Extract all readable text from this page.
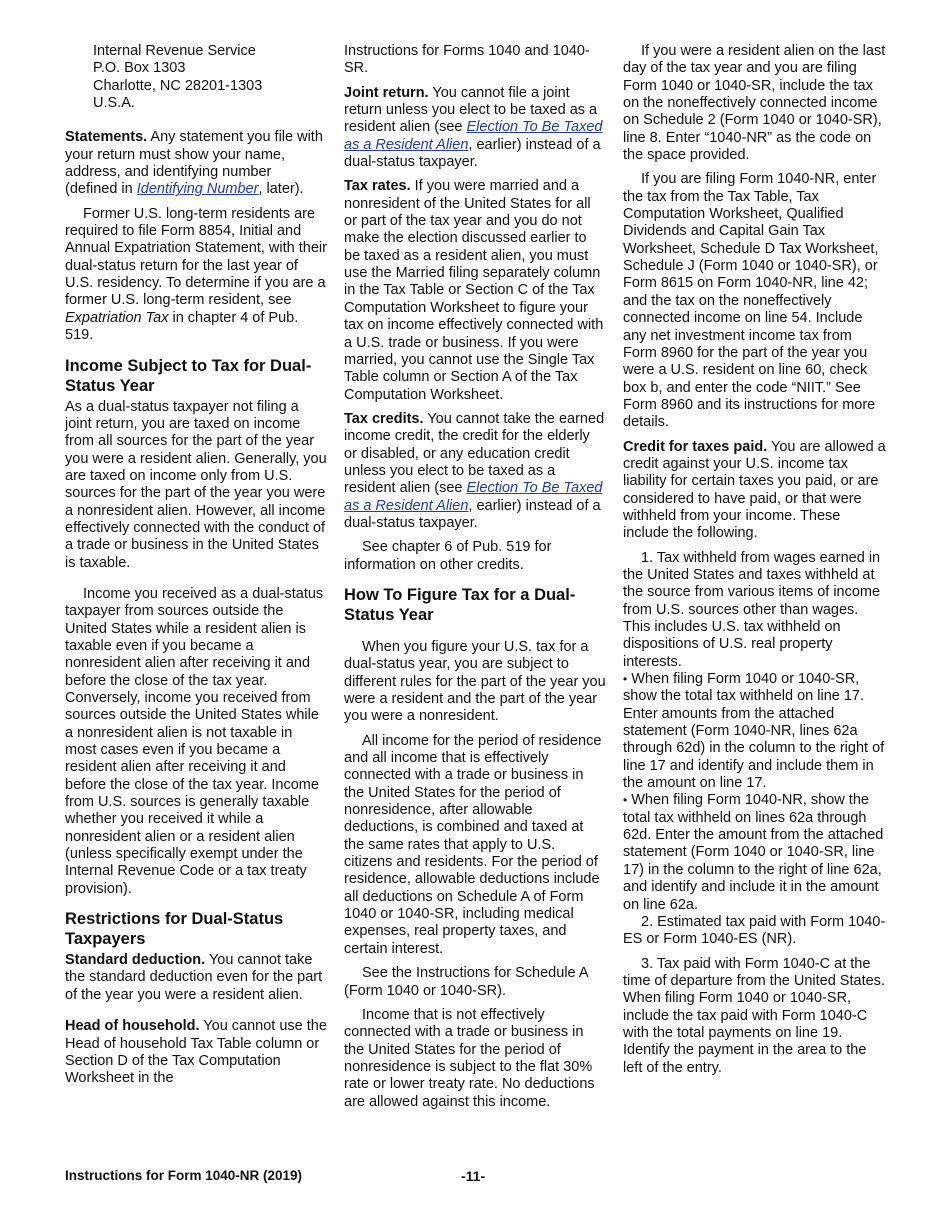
Internal Revenue Service
P.O. Box 1303
Charlotte, NC 28201-1303
U.S.A.

Statements. Any statement you file with your return must show your name, address, and identifying number (defined in Identifying Number, later).

Former U.S. long-term residents are required to file Form 8854, Initial and Annual Expatriation Statement, with their dual-status return for the last year of U.S. residency. To determine if you are a former U.S. long-term resident, see Expatriation Tax in chapter 4 of Pub. 519.

Income Subject to Tax for Dual-Status Year

As a dual-status taxpayer not filing a joint return, you are taxed on income from all sources for the part of the year you were a resident alien. Generally, you are taxed on income only from U.S. sources for the part of the year you were a nonresident alien. However, all income effectively connected with the conduct of a trade or business in the United States is taxable.

Income you received as a dual-status taxpayer from sources outside the United States while a resident alien is taxable even if you became a nonresident alien after receiving it and before the close of the tax year. Conversely, income you received from sources outside the United States while a nonresident alien is not taxable in most cases even if you became a resident alien after receiving it and before the close of the tax year. Income from U.S. sources is generally taxable whether you received it while a nonresident alien or a resident alien (unless specifically exempt under the Internal Revenue Code or a tax treaty provision).

Restrictions for Dual-Status Taxpayers

Standard deduction. You cannot take the standard deduction even for the part of the year you were a resident alien.

Head of household. You cannot use the Head of household Tax Table column or Section D of the Tax Computation Worksheet in the

Instructions for Forms 1040 and 1040-SR.

Joint return. You cannot file a joint return unless you elect to be taxed as a resident alien (see Election To Be Taxed as a Resident Alien, earlier) instead of a dual-status taxpayer.

Tax rates. If you were married and a nonresident of the United States for all or part of the tax year and you do not make the election discussed earlier to be taxed as a resident alien, you must use the Married filing separately column in the Tax Table or Section C of the Tax Computation Worksheet to figure your tax on income effectively connected with a U.S. trade or business. If you were married, you cannot use the Single Tax Table column or Section A of the Tax Computation Worksheet.

Tax credits. You cannot take the earned income credit, the credit for the elderly or disabled, or any education credit unless you elect to be taxed as a resident alien (see Election To Be Taxed as a Resident Alien, earlier) instead of a dual-status taxpayer.

See chapter 6 of Pub. 519 for information on other credits.

How To Figure Tax for a Dual-Status Year

When you figure your U.S. tax for a dual-status year, you are subject to different rules for the part of the year you were a resident and the part of the year you were a nonresident.

All income for the period of residence and all income that is effectively connected with a trade or business in the United States for the period of nonresidence, after allowable deductions, is combined and taxed at the same rates that apply to U.S. citizens and residents. For the period of residence, allowable deductions include all deductions on Schedule A of Form 1040 or 1040-SR, including medical expenses, real property taxes, and certain interest.

See the Instructions for Schedule A (Form 1040 or 1040-SR).

Income that is not effectively connected with a trade or business in the United States for the period of nonresidence is subject to the flat 30% rate or lower treaty rate. No deductions are allowed against this income.

If you were a resident alien on the last day of the tax year and you are filing Form 1040 or 1040-SR, include the tax on the noneffectively connected income on Schedule 2 (Form 1040 or 1040-SR), line 8. Enter “1040-NR” as the code on the space provided.

If you are filing Form 1040-NR, enter the tax from the Tax Table, Tax Computation Worksheet, Qualified Dividends and Capital Gain Tax Worksheet, Schedule D Tax Worksheet, Schedule J (Form 1040 or 1040-SR), or Form 8615 on Form 1040-NR, line 42; and the tax on the noneffectively connected income on line 54. Include any net investment income tax from Form 8960 for the part of the year you were a U.S. resident on line 60, check box b, and enter the code “NIIT.” See Form 8960 and its instructions for more details.

Credit for taxes paid. You are allowed a credit against your U.S. income tax liability for certain taxes you paid, or are considered to have paid, or that were withheld from your income. These include the following.

1. Tax withheld from wages earned in the United States and taxes withheld at the source from various items of income from U.S. sources other than wages. This includes U.S. tax withheld on dispositions of U.S. real property interests.

• When filing Form 1040 or 1040-SR, show the total tax withheld on line 17. Enter amounts from the attached statement (Form 1040-NR, lines 62a through 62d) in the column to the right of line 17 and identify and include them in the amount on line 17.

• When filing Form 1040-NR, show the total tax withheld on lines 62a through 62d. Enter the amount from the attached statement (Form 1040 or 1040-SR, line 17) in the column to the right of line 62a, and identify and include it in the amount on line 62a.

2. Estimated tax paid with Form 1040-ES or Form 1040-ES (NR).

3. Tax paid with Form 1040-C at the time of departure from the United States. When filing Form 1040 or 1040-SR, include the tax paid with Form 1040-C with the total payments on line 19. Identify the payment in the area to the left of the entry.

Instructions for Form 1040-NR (2019)	-11-
